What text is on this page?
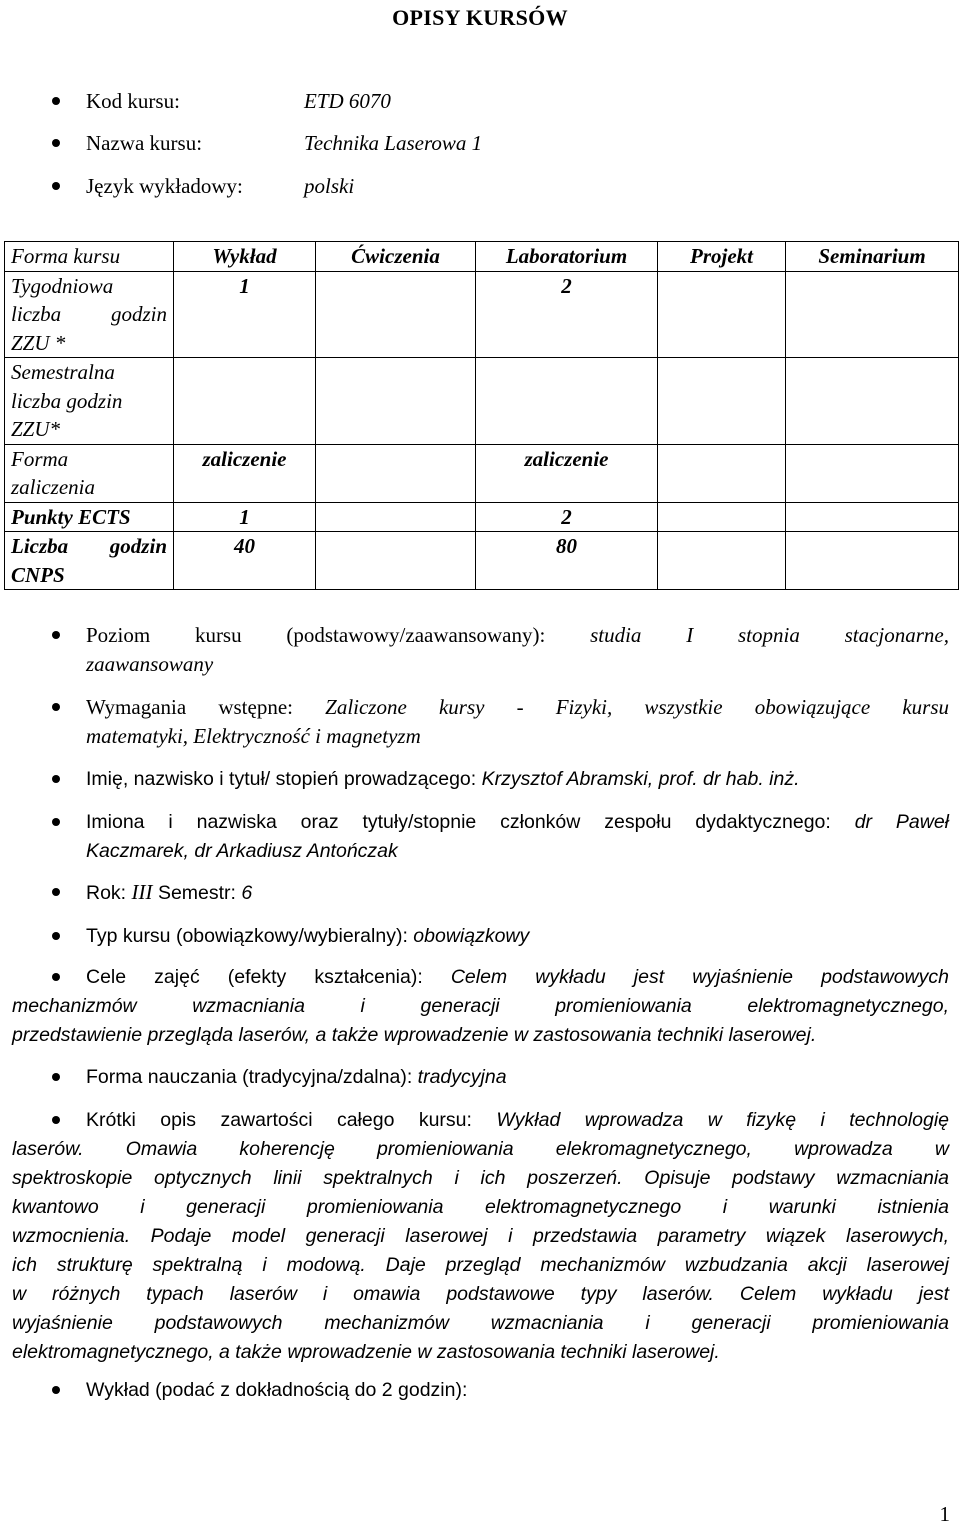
OPISY KURSÓW
Kod kursu:	ETD 6070
Nazwa kursu:	Technika Laserowa 1
Język wykładowy:	polski
Forma kursu	Wykład	Ćwiczenia	Laboratorium	Projekt	Seminarium

Tygodniowa
liczba godzin
ZZU *	1		2		

Semestralna
liczba godzin
ZZU*					

Forma
zaliczenia	zaliczenie		zaliczenie		

Punkty ECTS	1		2		

Liczba godzin
CNPS	40		80		
Poziom kursu (podstawowy/zaawansowany): studia I stopnia stacjonarne,
zaawansowany
Wymagania wstępne: Zaliczone kursy - Fizyki, wszystkie obowiązujące kursu
matematyki, Elektryczność i magnetyzm
Imię, nazwisko i tytuł/ stopień prowadzącego: Krzysztof Abramski, prof. dr hab. inż.
Imiona i nazwiska oraz tytuły/stopnie członków zespołu dydaktycznego: dr Paweł
Kaczmarek, dr Arkadiusz Antończak
Rok: III Semestr: 6
Typ kursu (obowiązkowy/wybieralny): obowiązkowy
Cele zajęć (efekty kształcenia): Celem wykładu jest wyjaśnienie podstawowych
mechanizmów wzmacniania i generacji promieniowania elektromagnetycznego,
przedstawienie przegląda laserów, a także wprowadzenie w zastosowania techniki laserowej.
Forma nauczania (tradycyjna/zdalna): tradycyjna
Krótki opis zawartości całego kursu: Wykład wprowadza w fizykę i technologię
laserów. Omawia koherencję promieniowania elekromagnetycznego, wprowadza w
spektroskopie optycznych linii spektralnych i ich poszerzeń. Opisuje podstawy wzmacniania
kwantowo i generacji promieniowania elektromagnetycznego i warunki istnienia
wzmocnienia. Podaje model generacji laserowej i przedstawia parametry wiązek laserowych,
ich strukturę spektralną i modową. Daje przegląd mechanizmów wzbudzania akcji laserowej
w różnych typach laserów i omawia podstawowe typy laserów. Celem wykładu jest
wyjaśnienie podstawowych mechanizmów wzmacniania i generacji promieniowania
elektromagnetycznego, a także wprowadzenie w zastosowania techniki laserowej.
Wykład (podać z dokładnością do 2 godzin):
1
